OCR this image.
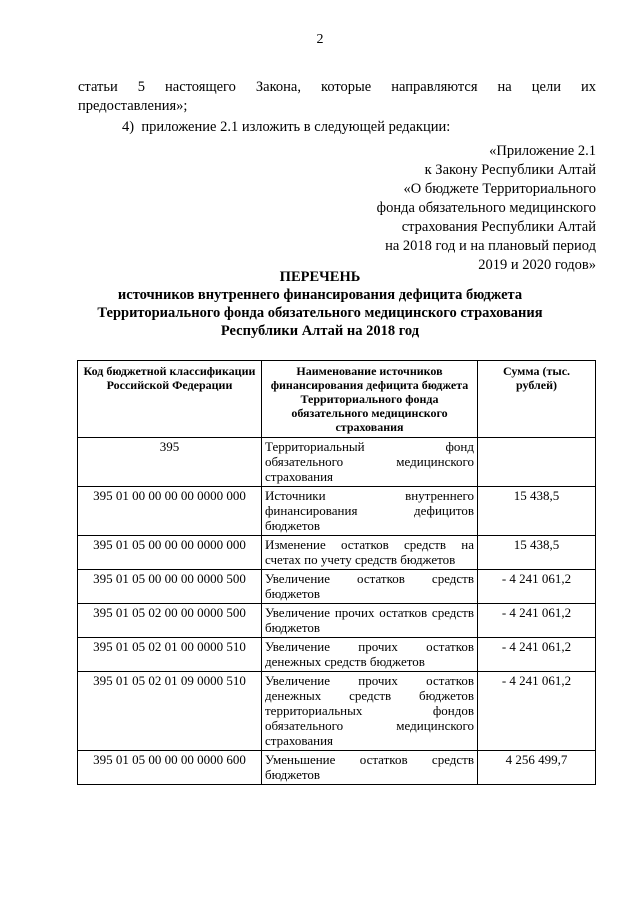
2
статьи 5 настоящего Закона, которые направляются на цели их
предоставления»;
4)  приложение 2.1 изложить в следующей редакции:
«Приложение 2.1
к Закону Республики Алтай
«О бюджете Территориального
фонда обязательного медицинского
страхования Республики Алтай
на 2018 год и на плановый период
2019 и 2020 годов»
ПЕРЕЧЕНЬ
источников внутреннего финансирования дефицита бюджета
Территориального фонда обязательного медицинского страхования
Республики Алтай на 2018 год
Код бюджетной классификации Российской Федерации	Наименование источников финансирования дефицита бюджета Территориального фонда обязательного медицинского страхования	Сумма (тыс. рублей)
395	Территориальный фонд обязательного медицинского страхования	
395 01 00 00 00 00 0000 000	Источники внутреннего финансирования дефицитов бюджетов	15 438,5
395 01 05 00 00 00 0000 000	Изменение остатков средств на счетах по учету средств бюджетов	15 438,5
395 01 05 00 00 00 0000 500	Увеличение остатков средств бюджетов	- 4 241 061,2
395 01 05 02 00 00 0000 500	Увеличение прочих остатков средств бюджетов	- 4 241 061,2
395 01 05 02 01 00 0000 510	Увеличение прочих остатков денежных средств бюджетов	- 4 241 061,2
395 01 05 02 01 09 0000 510	Увеличение прочих остатков денежных средств бюджетов территориальных фондов обязательного медицинского страхования	- 4 241 061,2
395 01 05 00 00 00 0000 600	Уменьшение остатков средств бюджетов	4 256 499,7
